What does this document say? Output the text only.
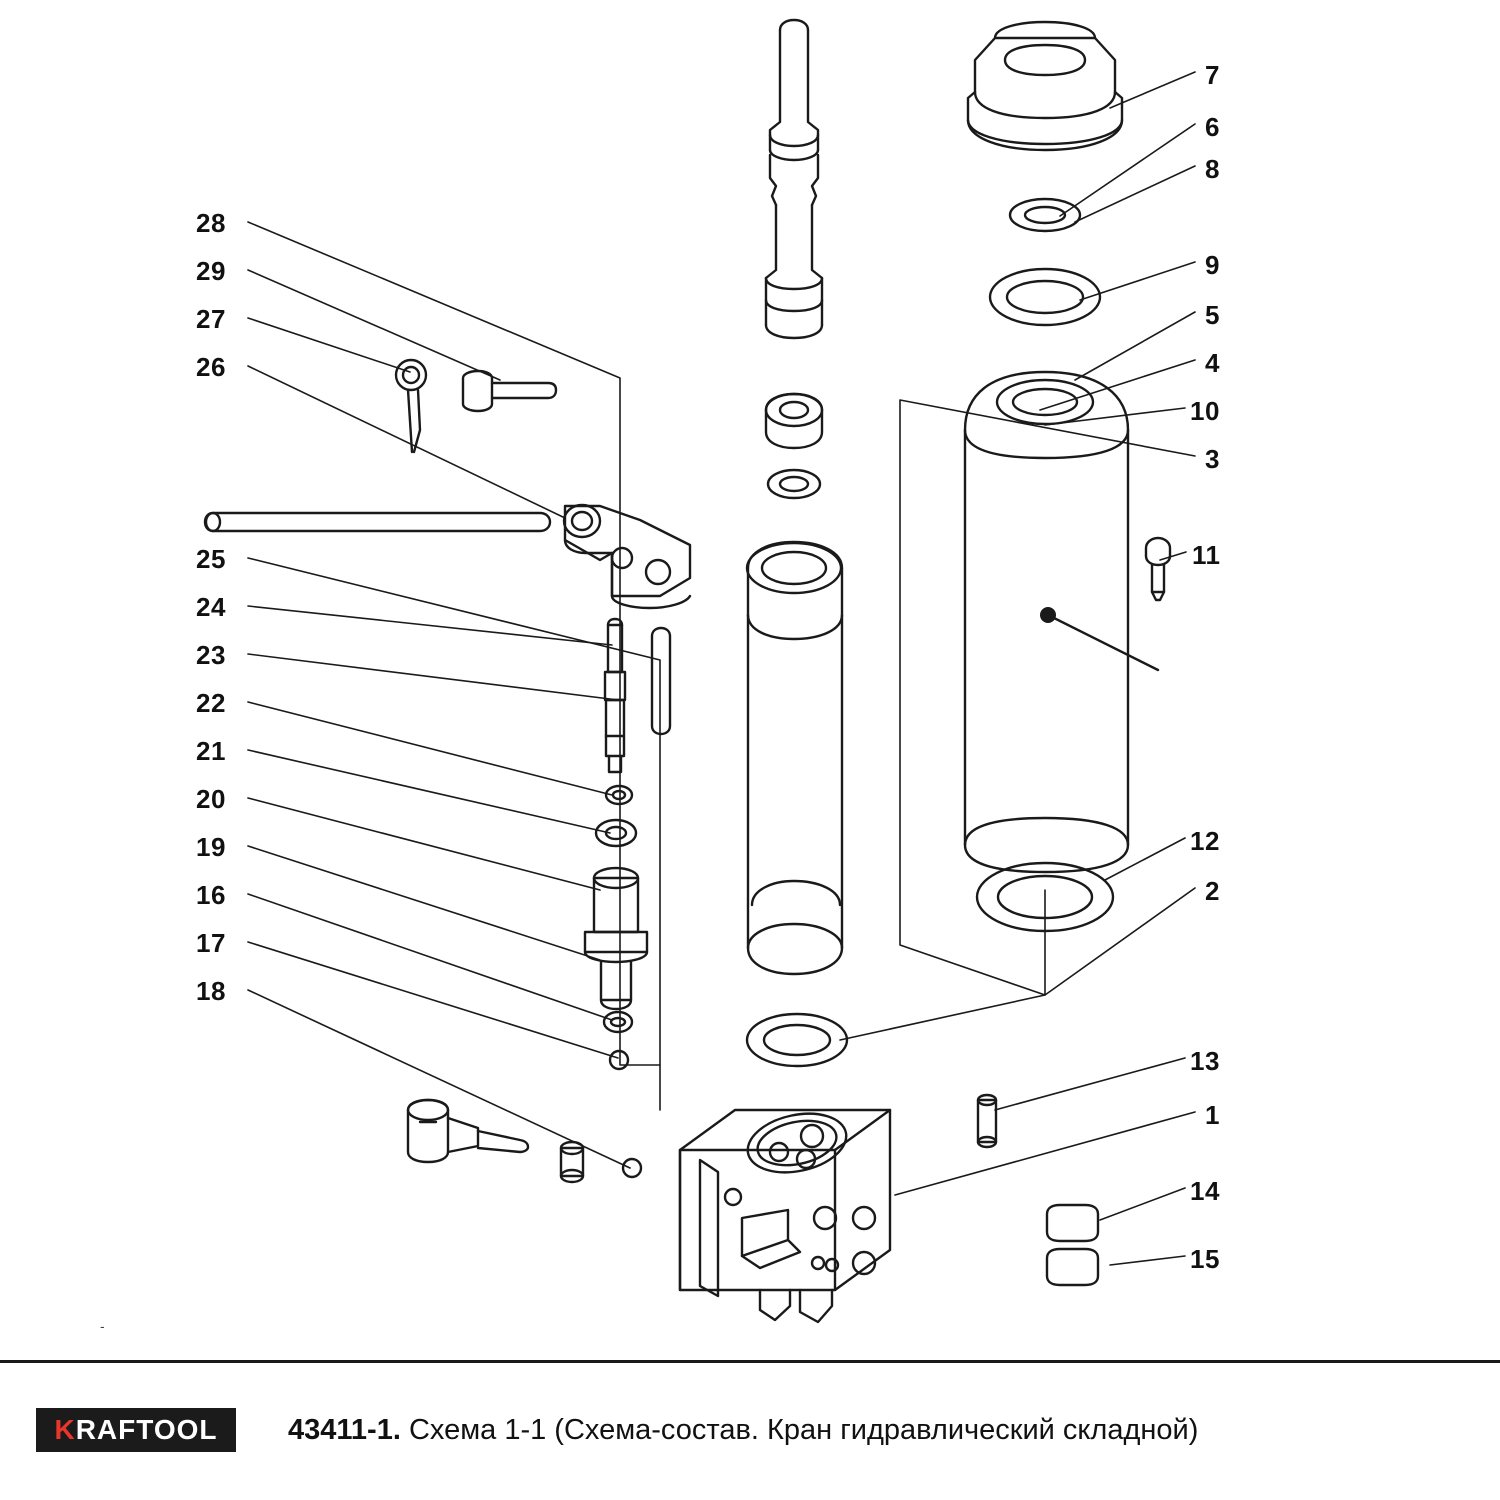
7
6
8
9
5
4
10
3
11
12
2
13
1
14
15
28
29
27
26
25
24
23
22
21
20
19
16
17
18
-
K RAFTOOL 43411-1. Схема 1-1 (Схема-состав. Кран гидравлический складной)
